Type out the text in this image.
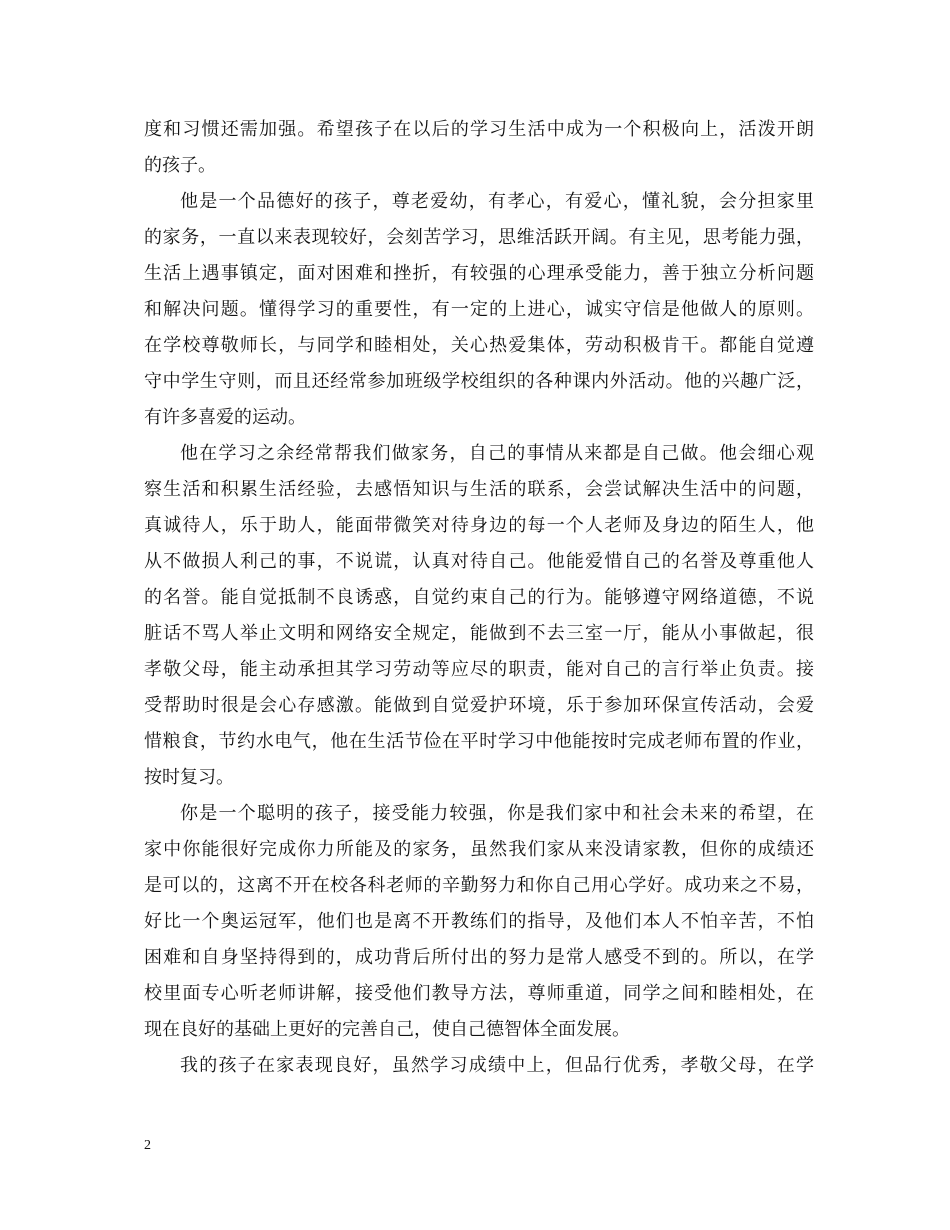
度和习惯还需加强。希望孩子在以后的学习生活中成为一个积极向上，活泼开朗
的孩子。
他是一个品德好的孩子，尊老爱幼，有孝心，有爱心，懂礼貌，会分担家里
的家务，一直以来表现较好，会刻苦学习，思维活跃开阔。有主见，思考能力强，
生活上遇事镇定，面对困难和挫折，有较强的心理承受能力，善于独立分析问题
和解决问题。懂得学习的重要性，有一定的上进心，诚实守信是他做人的原则。
在学校尊敬师长，与同学和睦相处，关心热爱集体，劳动积极肯干。都能自觉遵
守中学生守则，而且还经常参加班级学校组织的各种课内外活动。他的兴趣广泛，
有许多喜爱的运动。
他在学习之余经常帮我们做家务，自己的事情从来都是自己做。他会细心观
察生活和积累生活经验，去感悟知识与生活的联系，会尝试解决生活中的问题，
真诚待人，乐于助人，能面带微笑对待身边的每一个人老师及身边的陌生人，他
从不做损人利己的事，不说谎，认真对待自己。他能爱惜自己的名誉及尊重他人
的名誉。能自觉抵制不良诱惑，自觉约束自己的行为。能够遵守网络道德，不说
脏话不骂人举止文明和网络安全规定，能做到不去三室一厅，能从小事做起，很
孝敬父母，能主动承担其学习劳动等应尽的职责，能对自己的言行举止负责。接
受帮助时很是会心存感激。能做到自觉爱护环境，乐于参加环保宣传活动，会爱
惜粮食，节约水电气，他在生活节俭在平时学习中他能按时完成老师布置的作业，
按时复习。
你是一个聪明的孩子，接受能力较强，你是我们家中和社会未来的希望，在
家中你能很好完成你力所能及的家务，虽然我们家从来没请家教，但你的成绩还
是可以的，这离不开在校各科老师的辛勤努力和你自己用心学好。成功来之不易，
好比一个奥运冠军，他们也是离不开教练们的指导，及他们本人不怕辛苦，不怕
困难和自身坚持得到的，成功背后所付出的努力是常人感受不到的。所以，在学
校里面专心听老师讲解，接受他们教导方法，尊师重道，同学之间和睦相处，在
现在良好的基础上更好的完善自己，使自己德智体全面发展。
我的孩子在家表现良好，虽然学习成绩中上，但品行优秀，孝敬父母，在学
2
